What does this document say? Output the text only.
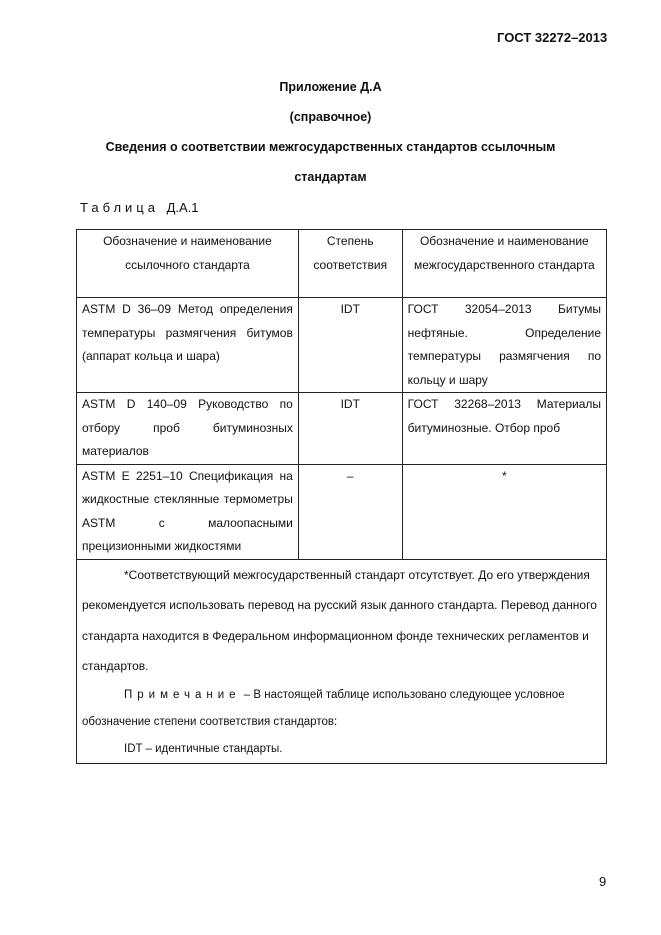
ГОСТ 32272–2013
Приложение Д.А
(справочное)
Сведения о соответствии межгосударственных стандартов ссылочным
стандартам
Таблица Д.А.1
Обозначение и наименование ссылочного стандарта	Степень соответствия	Обозначение и наименование межгосударственного стандарта
ASTM D 36–09 Метод определения температуры размягчения битумов (аппарат кольца и шара)	IDT	ГОСТ 32054–2013 Битумы нефтяные. Определение температуры размягчения по кольцу и шару
ASTM D 140–09 Руководство по отбору проб битуминозных материалов	IDT	ГОСТ 32268–2013 Материалы битуминозные. Отбор проб
ASTM E 2251–10 Спецификация на жидкостные стеклянные термометры ASTM с малоопасными прецизионными жидкостями	–	*

*Соответствующий межгосударственный стандарт отсутствует. До его утверждения рекомендуется использовать перевод на русский язык данного стандарта. Перевод данного стандарта находится в Федеральном информационном фонде технических регламентов и стандартов.

Примечание – В настоящей таблице использовано следующее условное обозначение степени соответствия стандартов:

IDT – идентичные стандарты.		

9
